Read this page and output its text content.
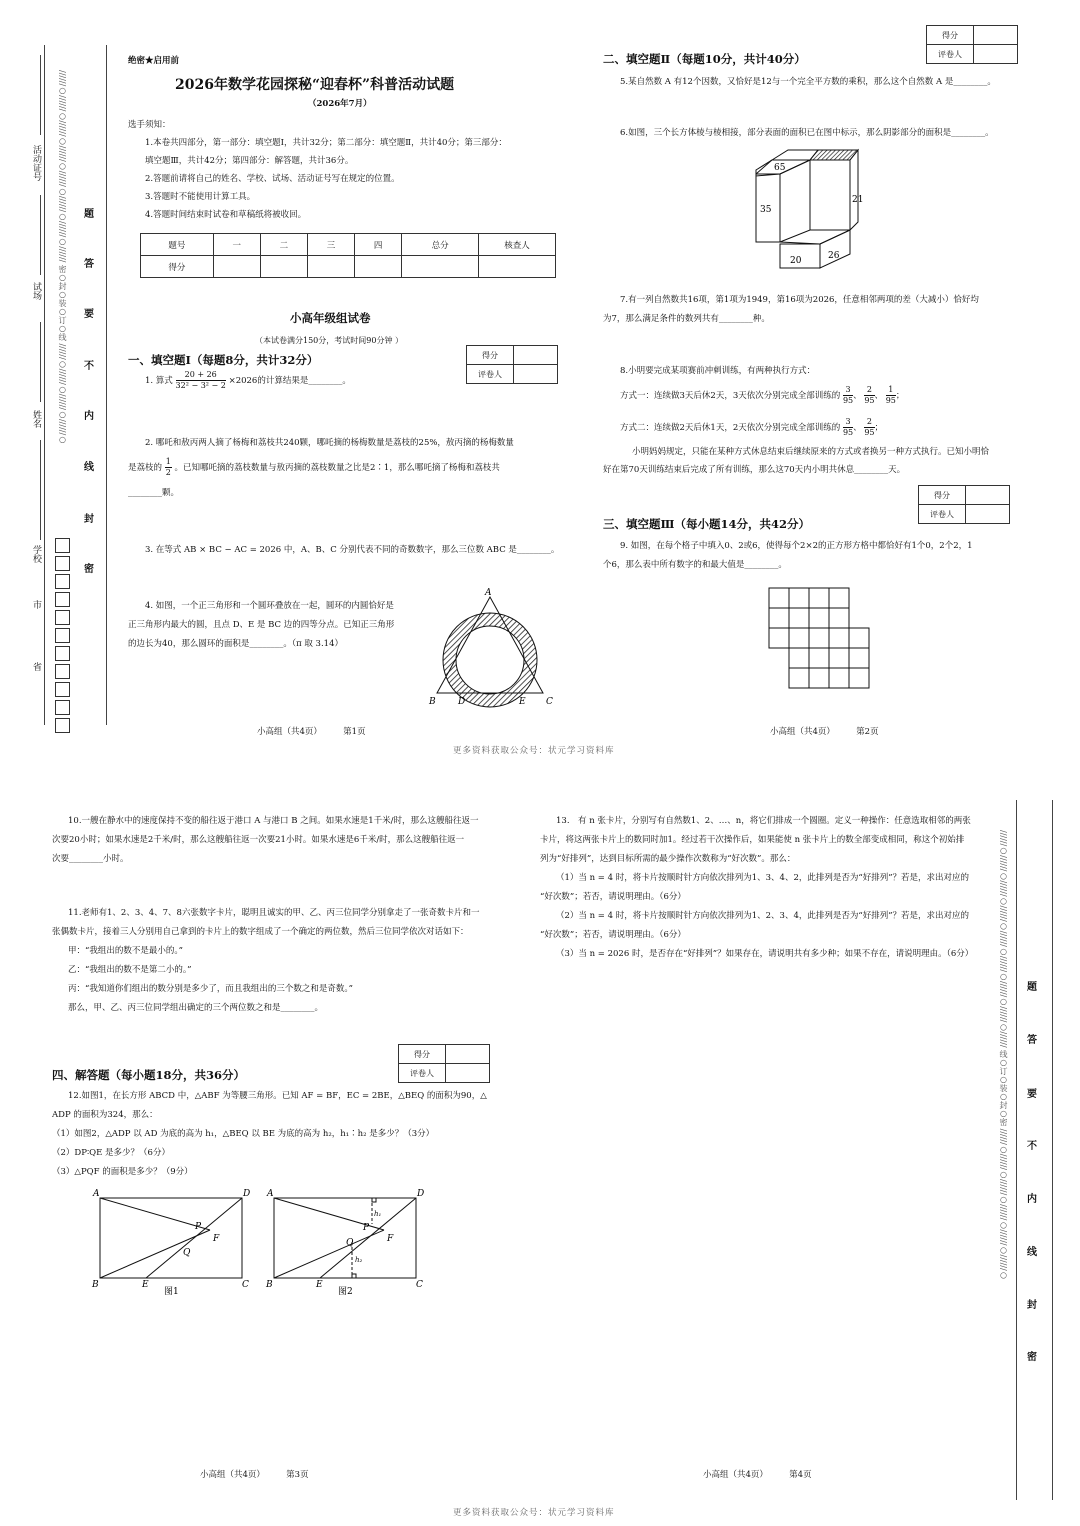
活动证号
试场
姓名
学校
市
省
//////○//////○//////○//////○//////○//////○//////○////// 密○封○装○订○线 //////○//////○//////○//////○ 题
答
要
不
内
线
封
密
绝密★启用前
2026年数学花园探秘“迎春杯”科普活动试题
（2026年7月）
选手须知：
1.本卷共四部分，第一部分：填空题Ⅰ，共计32分；第二部分：填空题Ⅱ，共计40分；第三部分：
填空题Ⅲ，共计42分；第四部分：解答题，共计36分。
2.答题前请将自己的姓名、学校、试场、活动证号写在规定的位置。
3.答题时不能使用计算工具。
4.答题时间结束时试卷和草稿纸将被收回。
题号	一	二	三	四	总分	核查人
得分						
小高年级组试卷
（本试卷满分150分，考试时间90分钟 ）
一、填空题Ⅰ（每题8分，共计32分）	得分	
评卷人	
1. 算式 $\frac{20 + 26}{\text{32² − 3² − 2}} \times 2026$的计算结果是________。
2. 哪吒和敖丙两人摘了杨梅和荔枝共240颗，哪吒摘的杨梅数量是荔枝的25%，敖丙摘的杨梅数量
是荔枝的 $\frac{1}{2}$ 。已知哪吒摘的荔枝数量与敖丙摘的荔枝数量之比是2∶1，那么哪吒摘了杨梅和荔枝共
________颗。
3. 在等式 AB × BC − AC = 2026 中，A、B、C 分别代表不同的奇数数字，那么三位数 ABC 是________。
4. 如图，一个正三角形和一个圆环叠放在一起，圆环的内圆恰好是
正三角形内最大的圆，且点 D、E 是 BC 边的四等分点。已知正三角形
的边长为40，那么圆环的面积是________。（π 取 3.14）
A
B D	E C
小高组（共4页）　　　第1页
得分	
评卷人	
二、填空题Ⅱ（每题10分，共计40分）
5.某自然数 A 有12个因数，又恰好是12与一个完全平方数的乘积，那么这个自然数 A 是________。
6.如图，三个长方体棱与棱相接，部分表面的面积已在图中标示，那么阴影部分的面积是________。
65
35
21
20	26
7.有一列自然数共16项，第1项为1949，第16项为2026，任意相邻两项的差（大减小）恰好均
为7，那么满足条件的数列共有________种。
8.小明要完成某项赛前冲刺训练，有两种执行方式：
方式一：连续做3天后休2天，3天依次分别完成全部训练的 $\frac{3}{95}$ 、 $\frac{2}{95}$ 、 $\frac{1}{95}$ ；
方式二：连续做2天后休1天，2天依次分别完成全部训练的 $\frac{3}{95}$ 、 $\frac{2}{95}$ ；
小明妈妈规定，只能在某种方式休息结束后继续原来的方式或者换另一种方式执行。已知小明恰
好在第70天训练结束后完成了所有训练，那么这70天内小明共休息________天。
得分	
评卷人	
三、填空题Ⅲ（每小题14分，共42分）
9. 如图，在每个格子中填入0、2或6，使得每个2×2的正方形方格中都恰好有1个0，2个2，1
个6，那么表中所有数字的和最大值是________。
小高组（共4页）　　　第2页
更多资料获取公众号：状元学习资料库
10.一艘在静水中的速度保持不变的船往返于港口 A 与港口 B 之间。如果水速是1千米/时，那么这艘船往返一
次要20小时；如果水速是2千米/时，那么这艘船往返一次要21小时。如果水速是6千米/时，那么这艘船往返一
次要________小时。
11.老师有1、2、3、4、7、8六张数字卡片，聪明且诚实的甲、乙、丙三位同学分别拿走了一张奇数卡片和一
张偶数卡片，接着三人分别用自己拿到的卡片上的数字组成了一个确定的两位数，然后三位同学依次对话如下：
甲：“我组出的数不是最小的。”
乙：“我组出的数不是第二小的。”
丙：“我知道你们组出的数分别是多少了，而且我组出的三个数之和是奇数。”
那么，甲、乙、丙三位同学组出确定的三个两位数之和是________。
得分	
评卷人	
四、解答题（每小题18分，共36分）
12.如图1，在长方形 ABCD 中，△ABF 为等腰三角形。已知 AF = BF，EC = 2BE，△BEQ 的面积为90，△
ADP 的面积为324，那么：
（1）如图2，△ADP 以 AD 为底的高为 h₁，△BEQ 以 BE 为底的高为 h₂，h₁∶h₂ 是多少？（3分）
（2）DP∶QE 是多少？（6分）
（3）△PQF 的面积是多少？（9分）
A	D
B	E	C
P
F
Q
图1
A	D
B	E	C
P
F
Q
h₁
h₂
图2
小高组（共4页）　　　第3页
更多资料获取公众号：状元学习资料库
13.　有 n 张卡片，分别写有自然数1、2、…、n，将它们排成一个圆圈。定义一种操作：任意选取相邻的两张
卡片，将这两张卡片上的数同时加1。经过若干次操作后，如果能使 n 张卡片上的数全部变成相同，称这个初始排
列为“好排列”，达到目标所需的最少操作次数称为“好次数”。那么：
（1）当 n = 4 时，将卡片按顺时针方向依次排列为1、3、4、2，此排列是否为“好排列”？若是，求出对应的
“好次数”；若否，请说明理由。（6分）
（2）当 n = 4 时，将卡片按顺时针方向依次排列为1、2、3、4，此排列是否为“好排列”？若是，求出对应的
“好次数”；若否，请说明理由。（6分）
（3）当 n = 2026 时，是否存在“好排列”？如果存在，请说明共有多少种；如果不存在，请说明理由。（6分）
小高组（共4页）　　　第4页
//////○//////○//////○//////○//////○//////○//////○//////○////// 线○订○装○封○密 //////○//////○//////○//////○//////○//////○ 题
答
要
不
内
线
封
密
